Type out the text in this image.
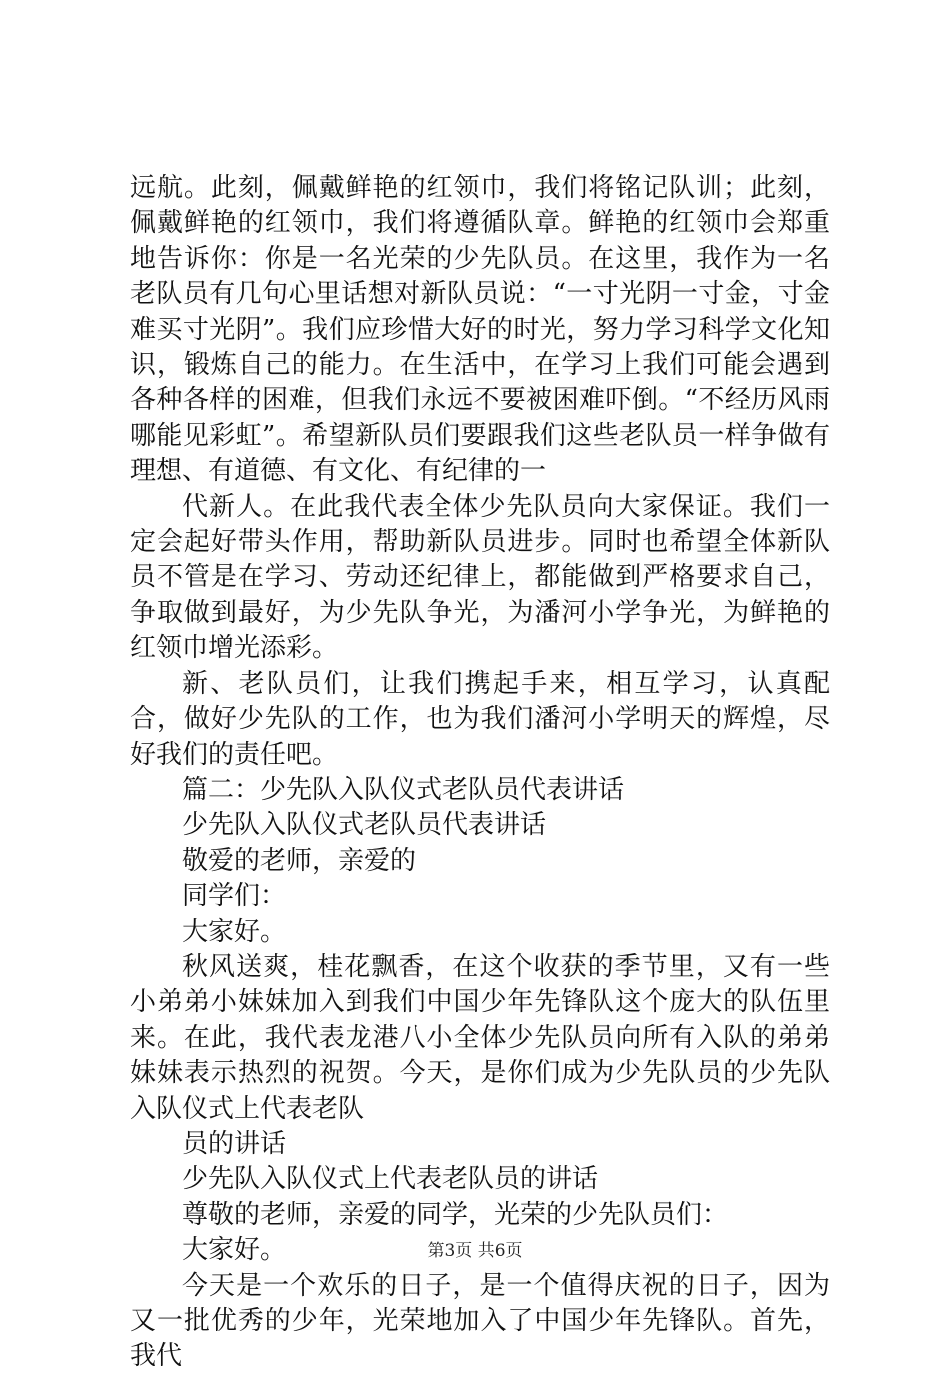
远航。此刻，佩戴鲜艳的红领巾，我们将铭记队训；此刻，佩戴鲜艳的红领巾，我们将遵循队章。鲜艳的红领巾会郑重地告诉你：你是一名光荣的少先队员。在这里，我作为一名老队员有几句心里话想对新队员说：“一寸光阴一寸金，寸金难买寸光阴”。我们应珍惜大好的时光，努力学习科学文化知识，锻炼自己的能力。在生活中，在学习上我们可能会遇到各种各样的困难，但我们永远不要被困难吓倒。“不经历风雨哪能见彩虹”。希望新队员们要跟我们这些老队员一样争做有理想、有道德、有文化、有纪律的一

代新人。在此我代表全体少先队员向大家保证。我们一定会起好带头作用，帮助新队员进步。同时也希望全体新队员不管是在学习、劳动还纪律上，都能做到严格要求自己，争取做到最好，为少先队争光，为潘河小学争光，为鲜艳的红领巾增光添彩。

新、老队员们，让我们携起手来，相互学习，认真配合，做好少先队的工作，也为我们潘河小学明天的辉煌，尽好我们的责任吧。

篇二：少先队入队仪式老队员代表讲话

少先队入队仪式老队员代表讲话

敬爱的老师，亲爱的

同学们：

大家好。

秋风送爽，桂花飘香，在这个收获的季节里，又有一些小弟弟小妹妹加入到我们中国少年先锋队这个庞大的队伍里来。在此，我代表龙港八小全体少先队员向所有入队的弟弟妹妹表示热烈的祝贺。今天，是你们成为少先队员的少先队入队仪式上代表老队

员的讲话

少先队入队仪式上代表老队员的讲话

尊敬的老师，亲爱的同学，光荣的少先队员们：

大家好。

今天是一个欢乐的日子，是一个值得庆祝的日子，因为又一批优秀的少年，光荣地加入了中国少年先锋队。首先，我代

第3页 共6页
